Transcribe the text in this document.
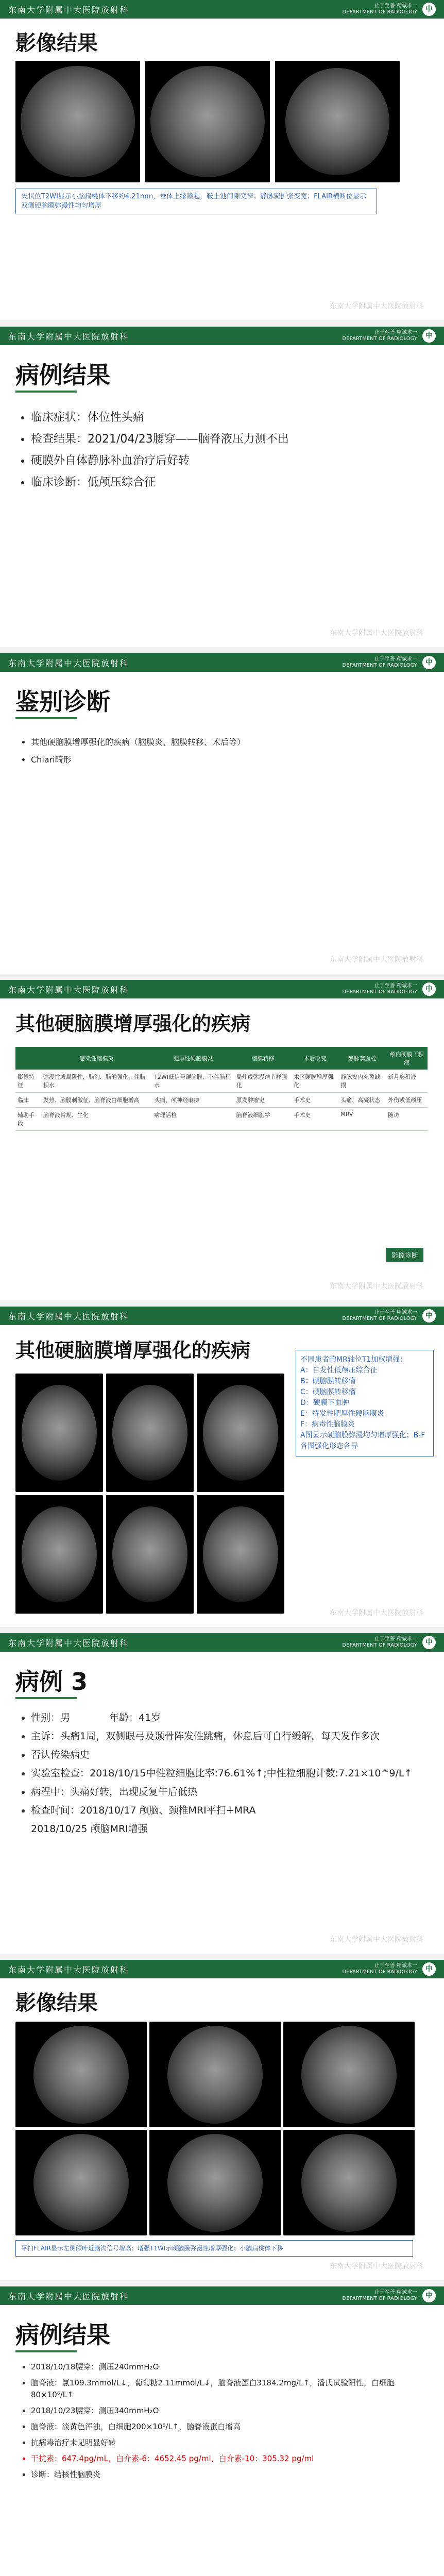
东南大学附属中大医院放射科	止于至善 精诚求一
DEPARTMENT OF RADIOLOGY	中
影像结果
矢状位T2WI显示小脑扁桃体下移约4.21mm，垂体上缘隆起，鞍上池间隙变窄；静脉窦扩张变宽；FLAIR横断位显示双侧硬脑膜弥漫性均匀增厚
东南大学附属中大医院放射科
东南大学附属中大医院放射科	止于至善 精诚求一
DEPARTMENT OF RADIOLOGY	中
病例结果
• 临床症状：体位性头痛
• 检查结果：2021/04/23腰穿——脑脊液压力测不出
• 硬膜外自体静脉补血治疗后好转
• 临床诊断：低颅压综合征
东南大学附属中大医院放射科
东南大学附属中大医院放射科	止于至善 精诚求一
DEPARTMENT OF RADIOLOGY	中
鉴别诊断
• 其他硬脑膜增厚强化的疾病（脑膜炎、脑膜转移、术后等）
• Chiari畸形
东南大学附属中大医院放射科
东南大学附属中大医院放射科	止于至善 精诚求一
DEPARTMENT OF RADIOLOGY	中
其他硬脑膜增厚强化的疾病
	感染性脑膜炎	肥厚性硬脑膜炎	脑膜转移	术后改变	静脉窦血栓	颅内硬膜下积液
影像特征	弥漫性或局限性，脑沟、脑池强化，伴脑积水	T2WI低信号硬脑膜、不伴脑积水	局灶或弥漫结节样强化	术区硬膜增厚强化	静脉窦内充盈缺损	新月形积液
临床	发热、脑膜刺激征、脑脊液白细胞增高	头痛、颅神经麻痹	原发肿瘤史	手术史	头痛、高凝状态	外伤或低颅压
辅助手段	脑脊液常规、生化	病理活检	脑脊液细胞学	手术史	MRV	随访
影像诊断
东南大学附属中大医院放射科
东南大学附属中大医院放射科	止于至善 精诚求一
DEPARTMENT OF RADIOLOGY	中
其他硬脑膜增厚强化的疾病	不同患者的MR轴位T1加权增强：
A：自发性低颅压综合征
B：硬脑膜转移瘤
C：硬脑膜转移瘤
D：硬膜下血肿
E：特发性肥厚性硬脑膜炎
F：病毒性脑膜炎
A图显示硬脑膜弥漫均匀增厚强化；B-F各图强化形态各异
东南大学附属中大医院放射科
东南大学附属中大医院放射科	止于至善 精诚求一
DEPARTMENT OF RADIOLOGY	中
病例 3
• 性别：男　　　　年龄：41岁
• 主诉：头痛1周，双侧眼弓及颞骨阵发性跳痛，休息后可自行缓解，每天发作多次
• 否认传染病史
• 实验室检查：2018/10/15中性粒细胞比率:76.61%↑;中性粒细胞计数:7.21×10^9/L↑
• 病程中：头痛好转，出现反复午后低热
• 检查时间：2018/10/17 颅脑、颈椎MRI平扫+MRA
2018/10/25 颅脑MRI增强
东南大学附属中大医院放射科
东南大学附属中大医院放射科	止于至善 精诚求一
DEPARTMENT OF RADIOLOGY	中
影像结果
平扫FLAIR显示左侧额叶近脑沟信号增高；增强T1WI示硬脑膜弥漫性增厚强化；小脑扁桃体下移
东南大学附属中大医院放射科
东南大学附属中大医院放射科	止于至善 精诚求一
DEPARTMENT OF RADIOLOGY	中
病例结果
• 2018/10/18腰穿：测压240mmH₂O
• 脑脊液：氯109.3mmol/L↓，葡萄糖2.11mmol/L↓，脑脊液蛋白3184.2mg/L↑，潘氏试验阳性，白细胞80×10⁶/L↑
• 2018/10/23腰穿：测压340mmH₂O
• 脑脊液：淡黄色浑浊，白细胞200×10⁶/L↑，脑脊液蛋白增高
• 抗病毒治疗未见明显好转
• 干扰素：647.4pg/mL，白介素-6：4652.45 pg/ml，白介素-10：305.32 pg/ml
• 诊断：结核性脑膜炎
